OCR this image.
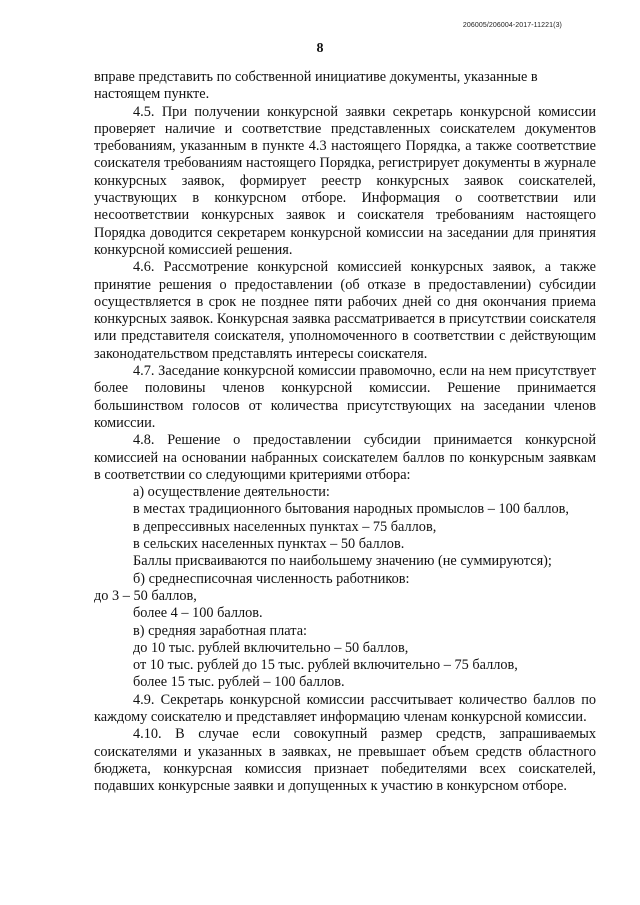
206005/206004-2017-11221(3)
8

вправе представить по собственной инициативе документы, указанные в настоящем пункте.

4.5. При получении конкурсной заявки секретарь конкурсной комиссии проверяет наличие и соответствие представленных соискателем документов требованиям, указанным в пункте 4.3 настоящего Порядка, а также соответствие соискателя требованиям настоящего Порядка, регистрирует документы в журнале конкурсных заявок, формирует реестр конкурсных заявок соискателей, участвующих в конкурсном отборе. Информация о соответствии или несоответствии конкурсных заявок и соискателя требованиям настоящего Порядка доводится секретарем конкурсной комиссии на заседании для принятия конкурсной комиссией решения.

4.6. Рассмотрение конкурсной комиссией конкурсных заявок, а также принятие решения о предоставлении (об отказе в предоставлении) субсидии осуществляется в срок не позднее пяти рабочих дней со дня окончания приема конкурсных заявок. Конкурсная заявка рассматривается в присутствии соискателя или представителя соискателя, уполномоченного в соответствии с действующим законодательством представлять интересы соискателя.

4.7. Заседание конкурсной комиссии правомочно, если на нем присутствует более половины членов конкурсной комиссии. Решение принимается большинством голосов от количества присутствующих на заседании членов комиссии.

4.8. Решение о предоставлении субсидии принимается конкурсной комиссией на основании набранных соискателем баллов по конкурсным заявкам в соответствии со следующими критериями отбора:

а) осуществление деятельности:

в местах традиционного бытования народных промыслов – 100 баллов,

в депрессивных населенных пунктах – 75 баллов,

в сельских населенных пунктах – 50 баллов.

Баллы присваиваются по наибольшему значению (не суммируются);

б) среднесписочная численность работников:

до 3 – 50 баллов,

более 4 – 100 баллов.

в) средняя заработная плата:

до 10 тыс. рублей включительно – 50 баллов,

от 10 тыс. рублей до 15 тыс. рублей включительно – 75 баллов,

более 15 тыс. рублей – 100 баллов.

4.9. Секретарь конкурсной комиссии рассчитывает количество баллов по каждому соискателю и представляет информацию членам конкурсной комиссии.

4.10. В случае если совокупный размер средств, запрашиваемых соискателями и указанных в заявках, не превышает объем средств областного бюджета, конкурсная комиссия признает победителями всех соискателей, подавших конкурсные заявки и допущенных к участию в конкурсном отборе.
